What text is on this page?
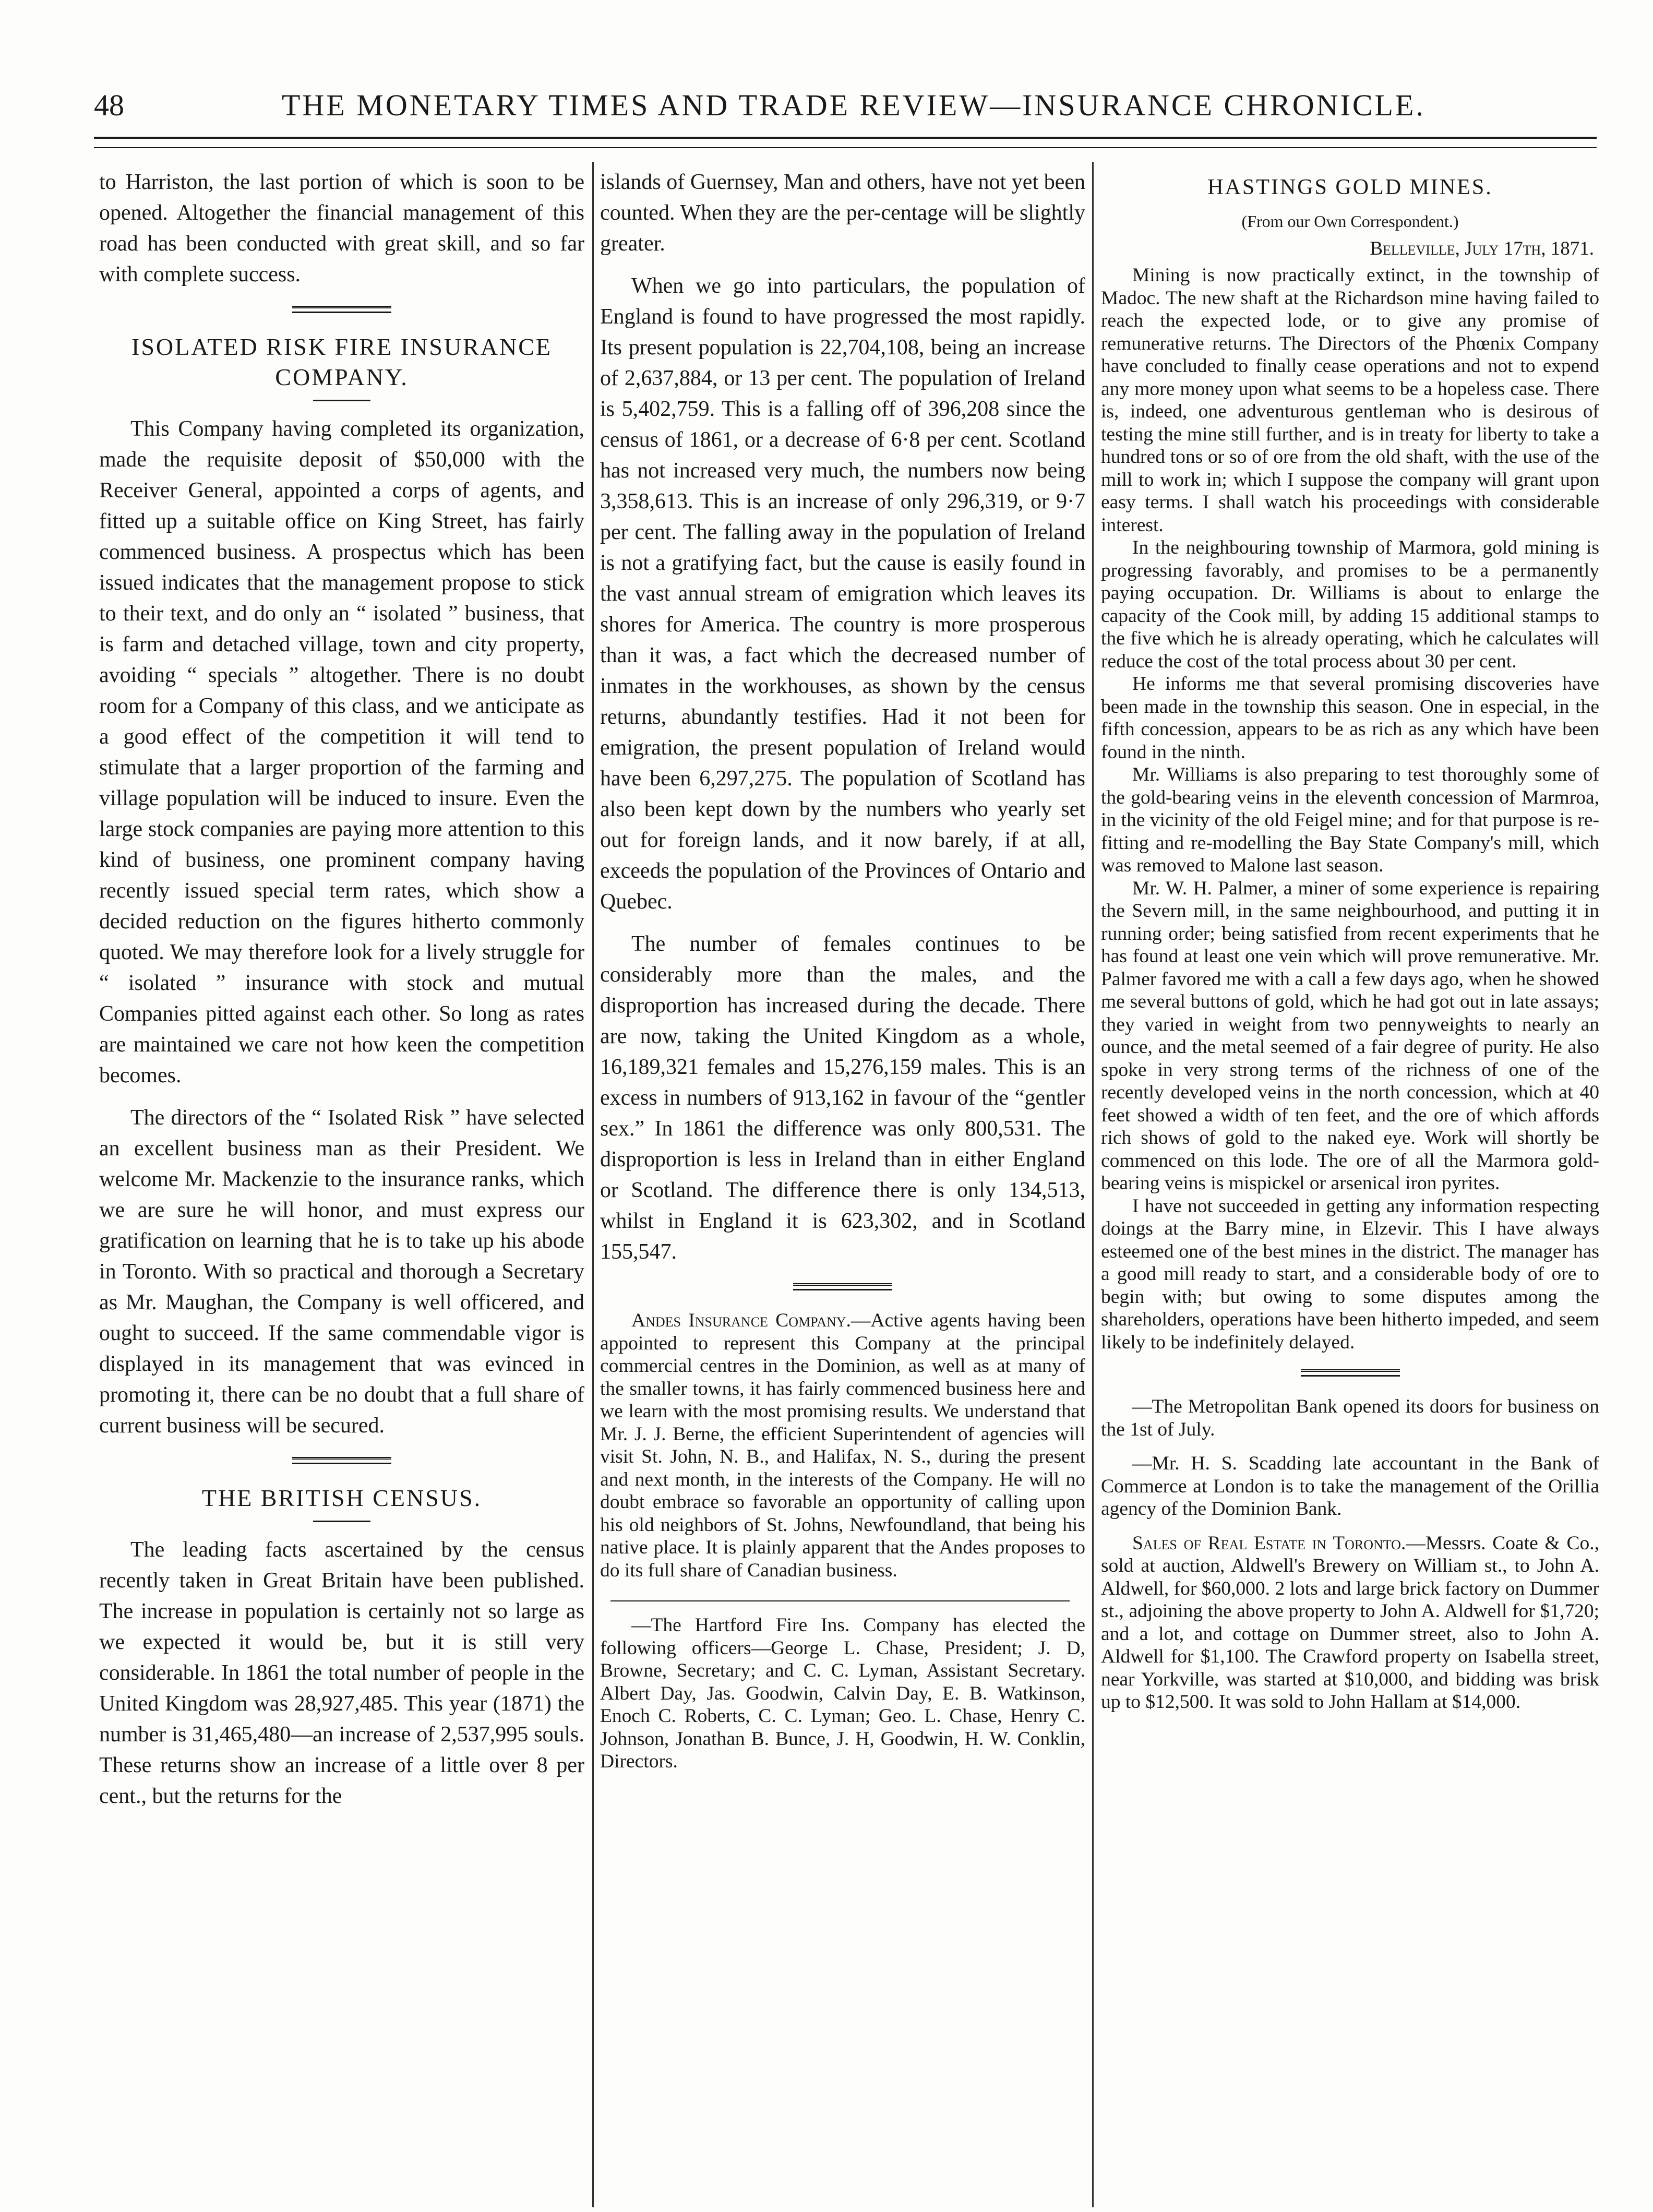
48	THE MONETARY TIMES AND TRADE REVIEW—INSURANCE CHRONICLE.

to Harriston, the last portion of which is soon to be opened. Altogether the financial management of this road has been conducted with great skill, and so far with complete success.

ISOLATED RISK FIRE INSURANCE COMPANY.

This Company having completed its organization, made the requisite deposit of $50,000 with the Receiver General, appointed a corps of agents, and fitted up a suitable office on King Street, has fairly commenced business. A prospectus which has been issued indicates that the management propose to stick to their text, and do only an “ isolated ” business, that is farm and detached village, town and city property, avoiding “ specials ” altogether. There is no doubt room for a Company of this class, and we anticipate as a good effect of the competition it will tend to stimulate that a larger proportion of the farming and village population will be induced to insure. Even the large stock companies are paying more attention to this kind of business, one prominent company having recently issued special term rates, which show a decided reduction on the figures hitherto commonly quoted. We may therefore look for a lively struggle for “ isolated ” insurance with stock and mutual Companies pitted against each other. So long as rates are maintained we care not how keen the competition becomes.

The directors of the “ Isolated Risk ” have selected an excellent business man as their President. We welcome Mr. Mackenzie to the insurance ranks, which we are sure he will honor, and must express our gratification on learning that he is to take up his abode in Toronto. With so practical and thorough a Secretary as Mr. Maughan, the Company is well officered, and ought to succeed. If the same commendable vigor is displayed in its management that was evinced in promoting it, there can be no doubt that a full share of current business will be secured.

THE BRITISH CENSUS.

The leading facts ascertained by the census recently taken in Great Britain have been published. The increase in population is certainly not so large as we expected it would be, but it is still very considerable. In 1861 the total number of people in the United Kingdom was 28,927,485. This year (1871) the number is 31,465,480—an increase of 2,537,995 souls. These returns show an increase of a little over 8 per cent., but the returns for the

islands of Guernsey, Man and others, have not yet been counted. When they are the per-centage will be slightly greater.

When we go into particulars, the population of England is found to have progressed the most rapidly. Its present population is 22,704,108, being an increase of 2,637,884, or 13 per cent. The population of Ireland is 5,402,759. This is a falling off of 396,208 since the census of 1861, or a decrease of 6·8 per cent. Scotland has not increased very much, the numbers now being 3,358,613. This is an increase of only 296,319, or 9·7 per cent. The falling away in the population of Ireland is not a gratifying fact, but the cause is easily found in the vast annual stream of emigration which leaves its shores for America. The country is more prosperous than it was, a fact which the decreased number of inmates in the workhouses, as shown by the census returns, abundantly testifies. Had it not been for emigration, the present population of Ireland would have been 6,297,275. The population of Scotland has also been kept down by the numbers who yearly set out for foreign lands, and it now barely, if at all, exceeds the population of the Provinces of Ontario and Quebec.

The number of females continues to be considerably more than the males, and the disproportion has increased during the decade. There are now, taking the United Kingdom as a whole, 16,189,321 females and 15,276,159 males. This is an excess in numbers of 913,162 in favour of the “gentler sex.” In 1861 the difference was only 800,531. The disproportion is less in Ireland than in either England or Scotland. The difference there is only 134,513, whilst in England it is 623,302, and in Scotland 155,547.

Andes Insurance Company.—Active agents having been appointed to represent this Company at the principal commercial centres in the Dominion, as well as at many of the smaller towns, it has fairly commenced business here and we learn with the most promising results. We understand that Mr. J. J. Berne, the efficient Superintendent of agencies will visit St. John, N. B., and Halifax, N. S., during the present and next month, in the interests of the Company. He will no doubt embrace so favorable an opportunity of calling upon his old neighbors of St. Johns, Newfoundland, that being his native place. It is plainly apparent that the Andes proposes to do its full share of Canadian business.

—The Hartford Fire Ins. Company has elected the following officers—George L. Chase, President; J. D, Browne, Secretary; and C. C. Lyman, Assistant Secretary. Albert Day, Jas. Goodwin, Calvin Day, E. B. Watkinson, Enoch C. Roberts, C. C. Lyman; Geo. L. Chase, Henry C. Johnson, Jonathan B. Bunce, J. H, Goodwin, H. W. Conklin, Directors.

HASTINGS GOLD MINES.

(From our Own Correspondent.)

Belleville, July 17th, 1871.

Mining is now practically extinct, in the township of Madoc. The new shaft at the Richardson mine having failed to reach the expected lode, or to give any promise of remunerative returns. The Directors of the Phœnix Company have concluded to finally cease operations and not to expend any more money upon what seems to be a hopeless case. There is, indeed, one adventurous gentleman who is desirous of testing the mine still further, and is in treaty for liberty to take a hundred tons or so of ore from the old shaft, with the use of the mill to work in; which I suppose the company will grant upon easy terms. I shall watch his proceedings with considerable interest.

In the neighbouring township of Marmora, gold mining is progressing favorably, and promises to be a permanently paying occupation. Dr. Williams is about to enlarge the capacity of the Cook mill, by adding 15 additional stamps to the five which he is already operating, which he calculates will reduce the cost of the total process about 30 per cent.

He informs me that several promising discoveries have been made in the township this season. One in especial, in the fifth concession, appears to be as rich as any which have been found in the ninth.

Mr. Williams is also preparing to test thoroughly some of the gold-bearing veins in the eleventh concession of Marmroa, in the vicinity of the old Feigel mine; and for that purpose is re-fitting and re-modelling the Bay State Company's mill, which was removed to Malone last season.

Mr. W. H. Palmer, a miner of some experience is repairing the Severn mill, in the same neighbourhood, and putting it in running order; being satisfied from recent experiments that he has found at least one vein which will prove remunerative. Mr. Palmer favored me with a call a few days ago, when he showed me several buttons of gold, which he had got out in late assays; they varied in weight from two pennyweights to nearly an ounce, and the metal seemed of a fair degree of purity. He also spoke in very strong terms of the richness of one of the recently developed veins in the north concession, which at 40 feet showed a width of ten feet, and the ore of which affords rich shows of gold to the naked eye. Work will shortly be commenced on this lode. The ore of all the Marmora gold-bearing veins is mispickel or arsenical iron pyrites.

I have not succeeded in getting any information respecting doings at the Barry mine, in Elzevir. This I have always esteemed one of the best mines in the district. The manager has a good mill ready to start, and a considerable body of ore to begin with; but owing to some disputes among the shareholders, operations have been hitherto impeded, and seem likely to be indefinitely delayed.

—The Metropolitan Bank opened its doors for business on the 1st of July.

—Mr. H. S. Scadding late accountant in the Bank of Commerce at London is to take the management of the Orillia agency of the Dominion Bank.

Sales of Real Estate in Toronto.—Messrs. Coate & Co., sold at auction, Aldwell's Brewery on William st., to John A. Aldwell, for $60,000. 2 lots and large brick factory on Dummer st., adjoining the above property to John A. Aldwell for $1,720; and a lot, and cottage on Dummer street, also to John A. Aldwell for $1,100. The Crawford property on Isabella street, near Yorkville, was started at $10,000, and bidding was brisk up to $12,500. It was sold to John Hallam at $14,000.
